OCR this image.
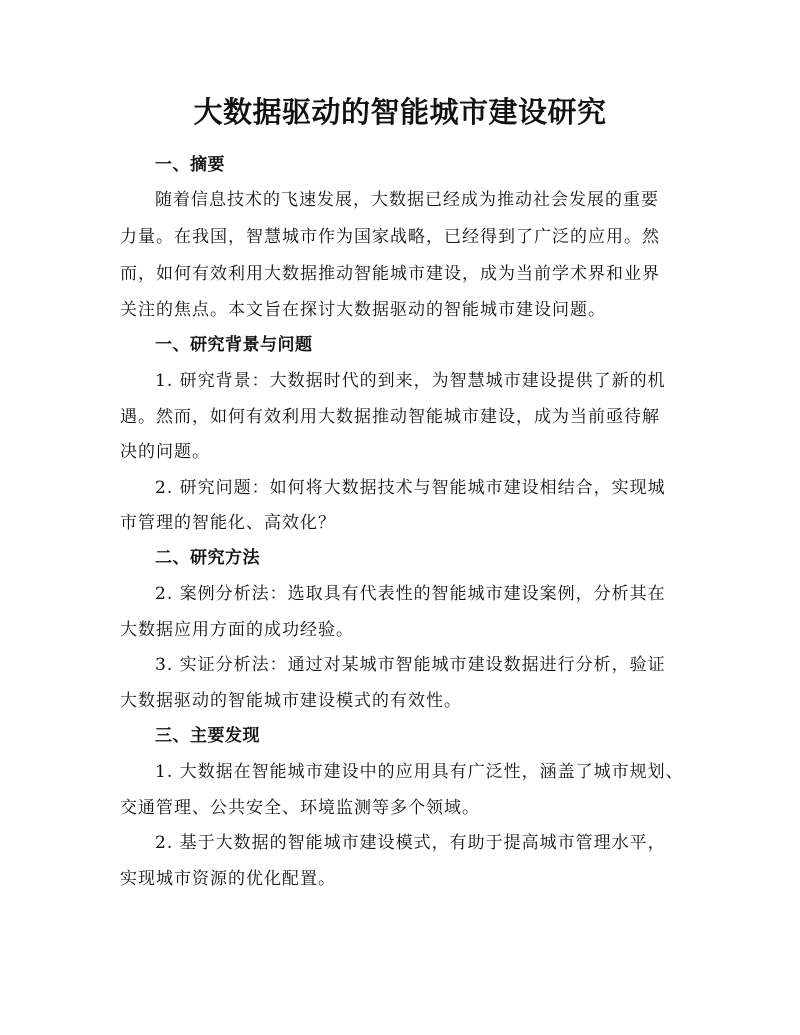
大数据驱动的智能城市建设研究
一、摘要
随着信息技术的飞速发展，大数据已经成为推动社会发展的重要
力量。在我国，智慧城市作为国家战略，已经得到了广泛的应用。然
而，如何有效利用大数据推动智能城市建设，成为当前学术界和业界
关注的焦点。本文旨在探讨大数据驱动的智能城市建设问题。
一、研究背景与问题
1. 研究背景：大数据时代的到来，为智慧城市建设提供了新的机
遇。然而，如何有效利用大数据推动智能城市建设，成为当前亟待解
决的问题。
2. 研究问题：如何将大数据技术与智能城市建设相结合，实现城
市管理的智能化、高效化？
二、研究方法
2. 案例分析法：选取具有代表性的智能城市建设案例，分析其在
大数据应用方面的成功经验。
3. 实证分析法：通过对某城市智能城市建设数据进行分析，验证
大数据驱动的智能城市建设模式的有效性。
三、主要发现
1. 大数据在智能城市建设中的应用具有广泛性，涵盖了城市规划、
交通管理、公共安全、环境监测等多个领域。
2. 基于大数据的智能城市建设模式，有助于提高城市管理水平，
实现城市资源的优化配置。
